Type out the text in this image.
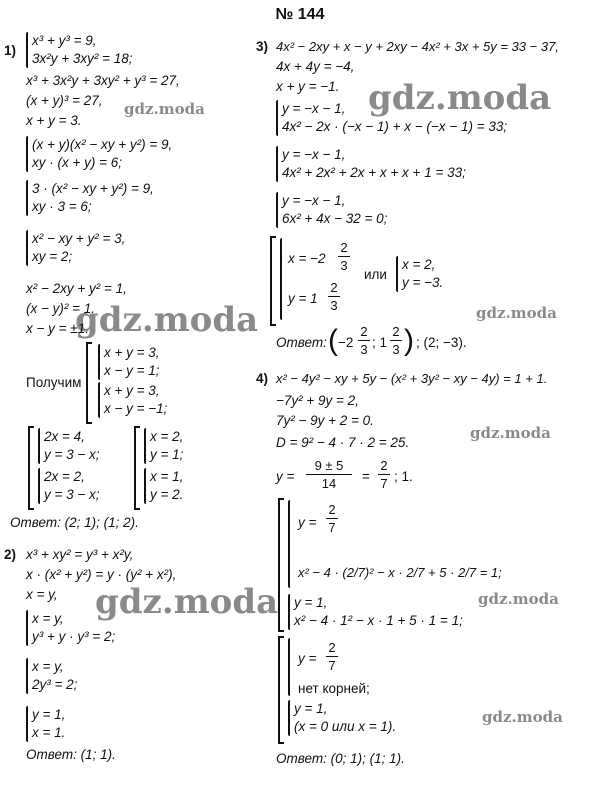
№ 144
gdz.moda
gdz.moda
gdz.moda	gdz.moda
gdz.moda
gdz.moda	gdz.moda
gdz.moda
1)
x³ + y³ = 9,
3x²y + 3xy² = 18;
x³ + 3x²y + 3xy² + y³ = 27,
(x + y)³ = 27,
x + y = 3.
(x + y)(x² − xy + y²) = 9,
xy · (x + y) = 6;
3 · (x² − xy + y²) = 9,
xy · 3 = 6;
x² − xy + y² = 3,
xy = 2;
x² − 2xy + y² = 1,
(x − y)² = 1.
x − y = ±1.
Получим
x + y = 3,
x − y = 1;
x + y = 3,
x − y = −1;
2x = 4,
y = 3 − x;
2x = 2,
y = 3 − x;
x = 2,
y = 1;
x = 1,
y = 2.
Ответ: (2; 1); (1; 2).
2) x³ + xy² = y³ + x²y,
x · (x² + y²) = y · (y² + x²),
x = y,
x = y,
y³ + y · y³ = 2;
x = y,
2y³ = 2;
y = 1,
x = 1.
Ответ: (1; 1).
3) 4x² − 2xy + x − y + 2xy − 4x² + 3x + 5y = 33 − 37,
4x + 4y = −4,
x + y = −1.
y = −x − 1,
4x² − 2x · (−x − 1) + x − (−x − 1) = 33;
y = −x − 1,
4x² + 2x² + 2x + x + x + 1 = 33;
y = −x − 1,
6x² + 4x − 32 = 0;
x = −2
2
3
или
x = 2,
y = −3.
y = 1
2
3
Ответ: ( −2
2
3 ; 1
2
3 ) ; (2; −3).
4) x² − 4y² − xy + 5y − (x² + 3y² − xy − 4y) = 1 + 1.
−7y² + 9y = 2,
7y² − 9y + 2 = 0.
D = 9² − 4 · 7 · 2 = 25.
y =
9 ± 5
14	=
2
7 ; 1.
y =
2
7
x² − 4 · (2/7)² − x · 2/7 + 5 · 2/7 = 1;
y = 1,
x² − 4 · 1² − x · 1 + 5 · 1 = 1;
y =
2
7
нет корней;
y = 1,
(x = 0 или x = 1).
Ответ: (0; 1); (1; 1).
